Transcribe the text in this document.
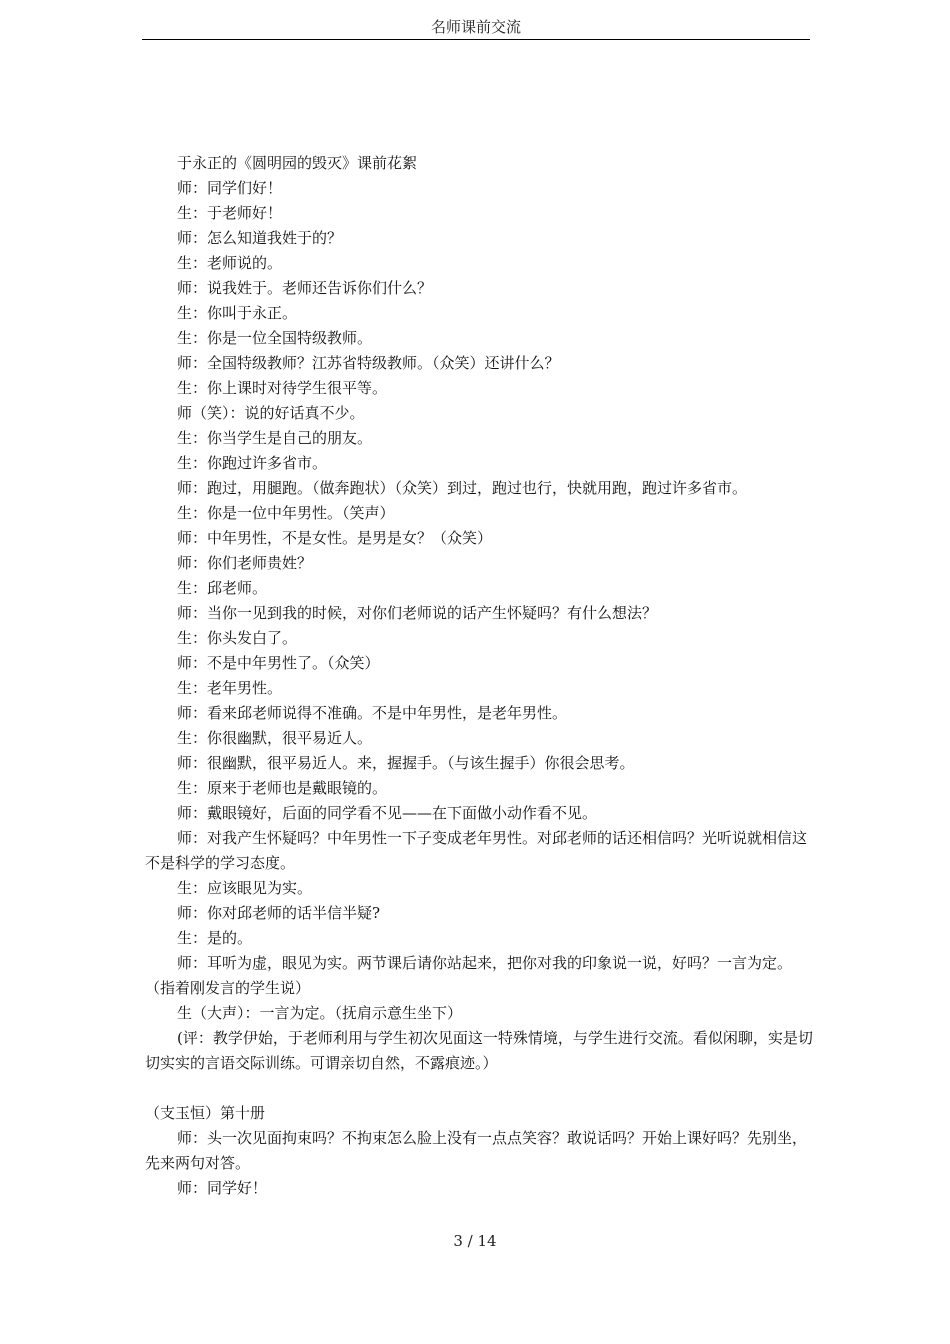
名师课前交流

于永正的《圆明园的毁灭》课前花絮

师：同学们好！

生：于老师好！

师：怎么知道我姓于的？

生：老师说的。

师：说我姓于。老师还告诉你们什么？

生：你叫于永正。

生：你是一位全国特级教师。

师：全国特级教师？江苏省特级教师。（众笑）还讲什么？

生：你上课时对待学生很平等。

师（笑）：说的好话真不少。

生：你当学生是自己的朋友。

生：你跑过许多省市。

师：跑过，用腿跑。（做奔跑状）（众笑）到过，跑过也行，快就用跑，跑过许多省市。

生：你是一位中年男性。（笑声）

师：中年男性，不是女性。是男是女？（众笑）

师：你们老师贵姓？

生：邱老师。

师：当你一见到我的时候，对你们老师说的话产生怀疑吗？有什么想法？

生：你头发白了。

师：不是中年男性了。（众笑）

生：老年男性。

师：看来邱老师说得不准确。不是中年男性，是老年男性。

生：你很幽默，很平易近人。

师：很幽默，很平易近人。来，握握手。（与该生握手）你很会思考。

生：原来于老师也是戴眼镜的。

师：戴眼镜好，后面的同学看不见——在下面做小动作看不见。

师：对我产生怀疑吗？中年男性一下子变成老年男性。对邱老师的话还相信吗？光听说就相信这不是科学的学习态度。

生：应该眼见为实。

师：你对邱老师的话半信半疑?

生：是的。

师：耳听为虚，眼见为实。两节课后请你站起来，把你对我的印象说一说，好吗？一言为定。（指着刚发言的学生说）

生（大声）：一言为定。（抚肩示意生坐下）

(评：教学伊始，于老师利用与学生初次见面这一特殊情境，与学生进行交流。看似闲聊，实是切切实实的言语交际训练。可谓亲切自然，不露痕迹。）

（支玉恒）第十册

师：头一次见面拘束吗？不拘束怎么脸上没有一点点笑容？敢说话吗？开始上课好吗？先别坐，先来两句对答。

师：同学好！

3 / 14
